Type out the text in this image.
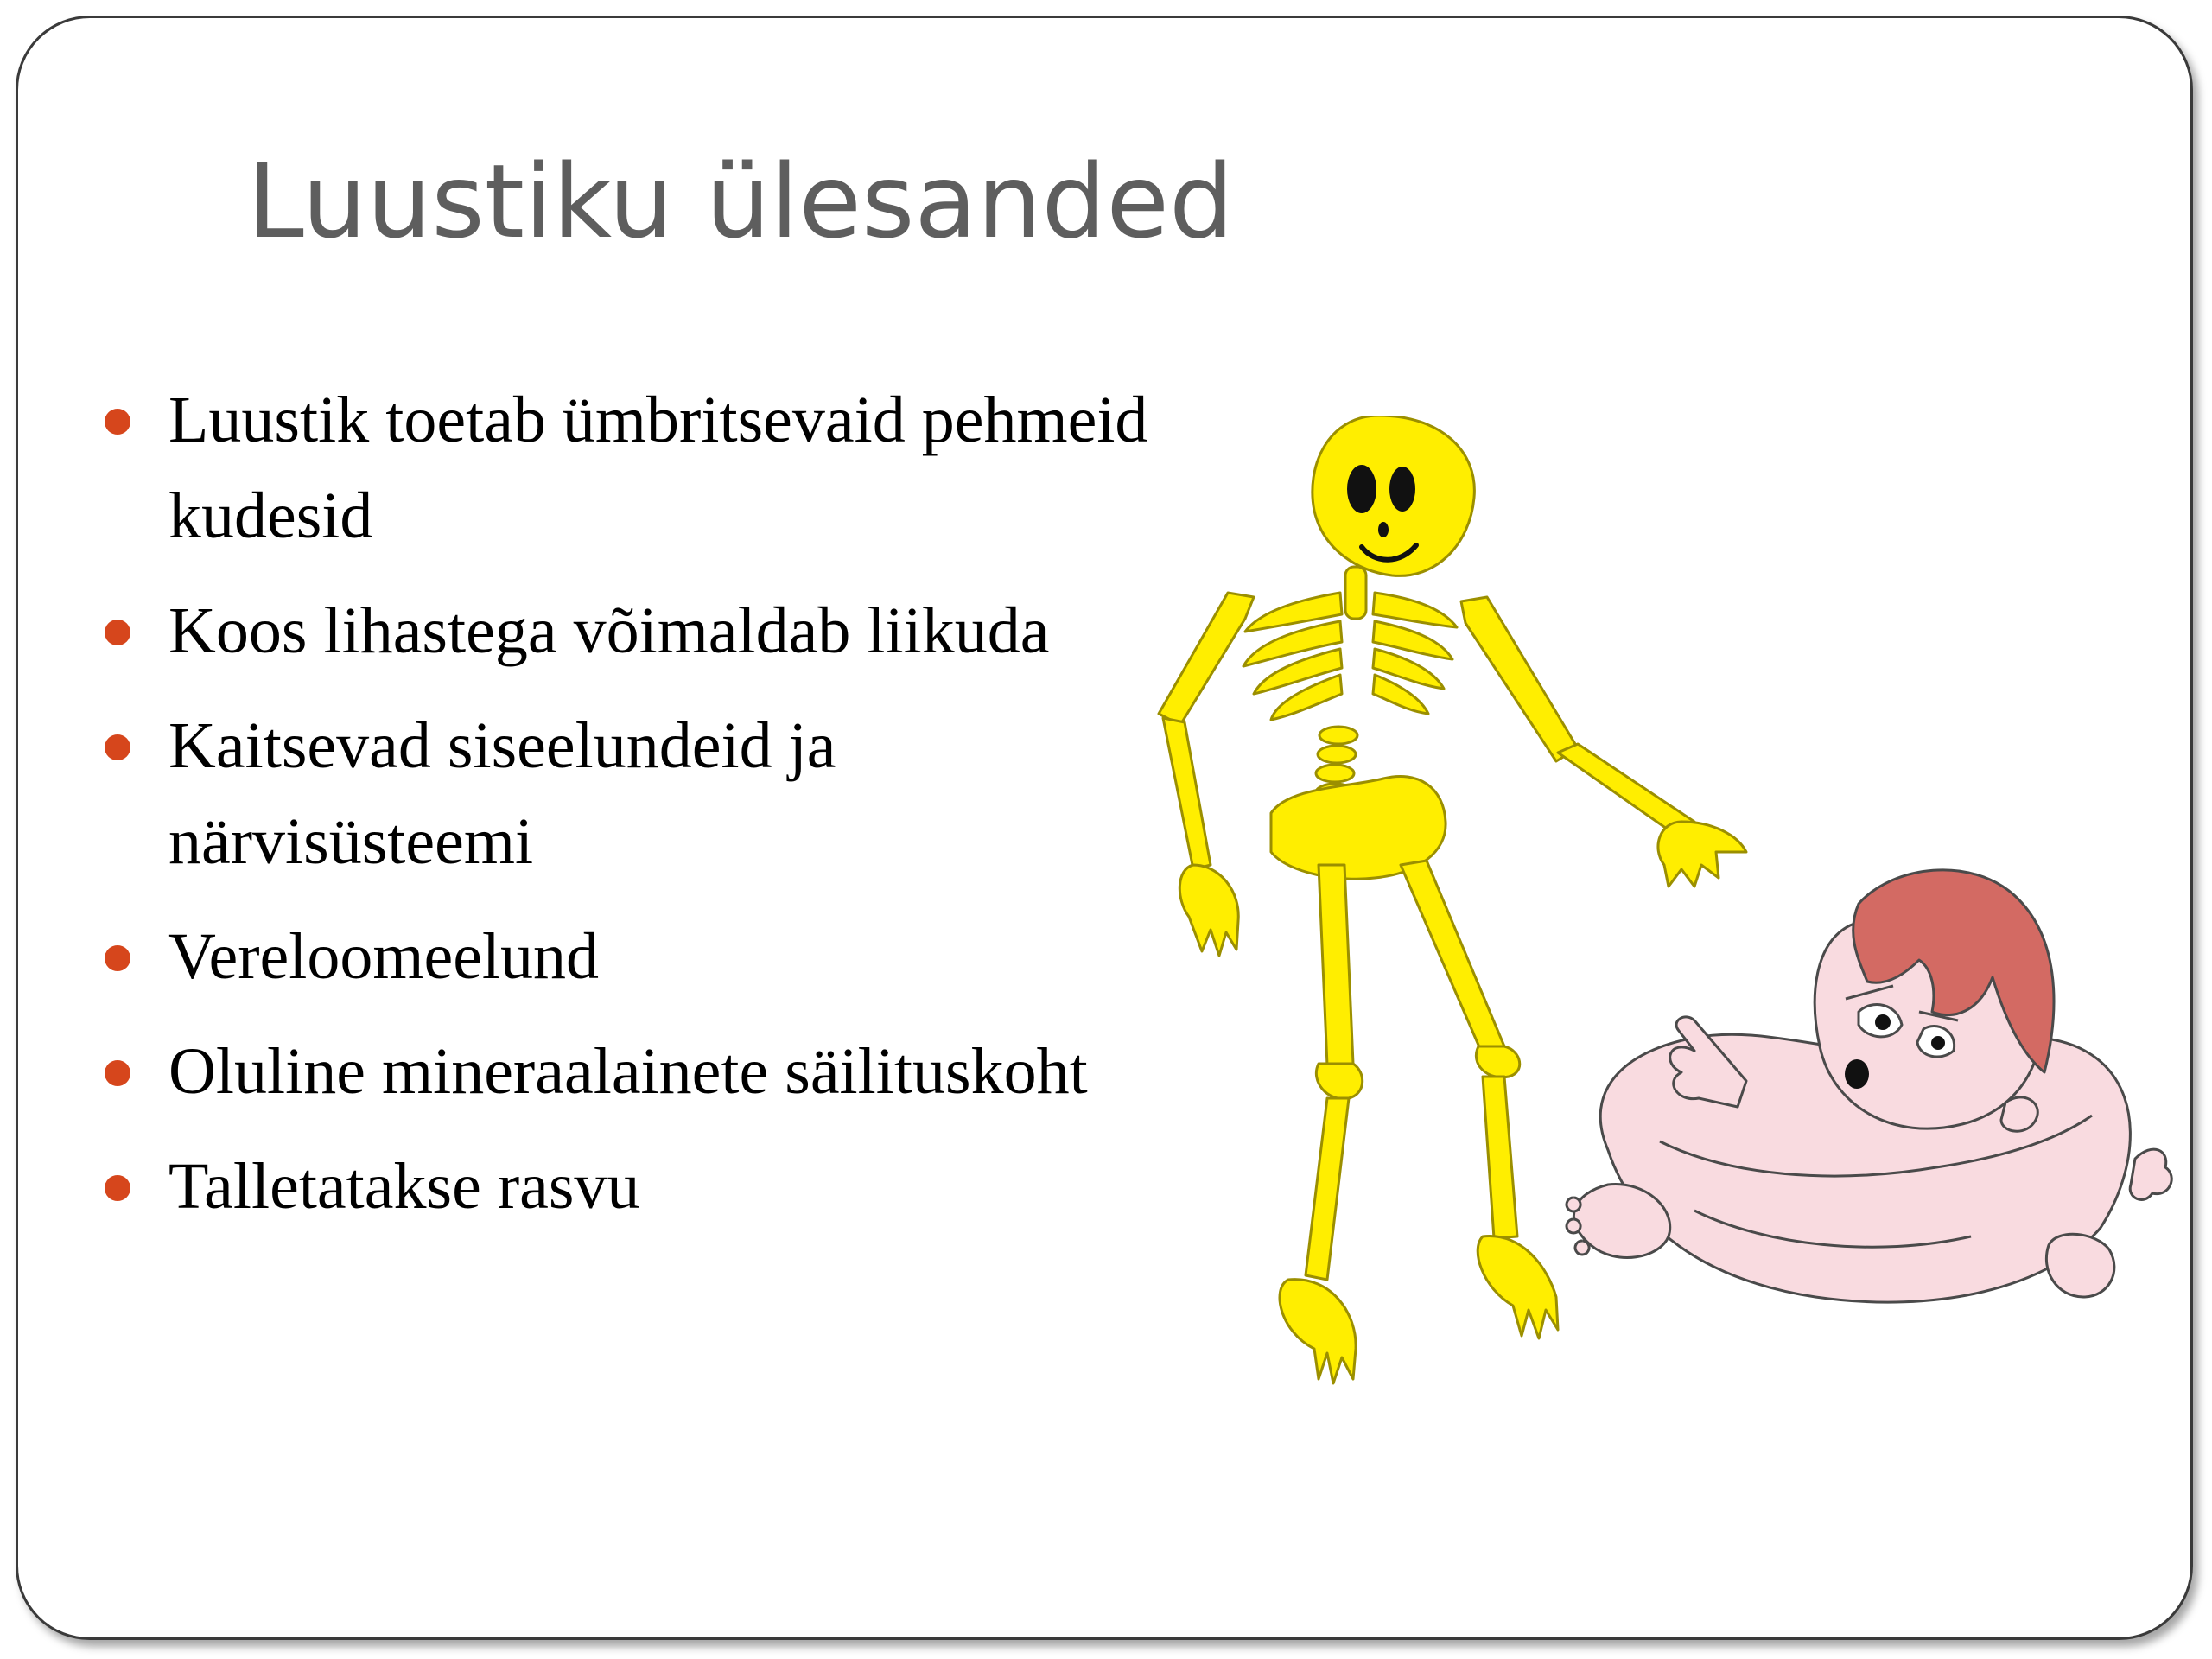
Luustiku ülesanded
Luustik toetab ümbritsevaid pehmeid kudesid
Koos lihastega võimaldab liikuda
Kaitsevad siseelundeid ja närvisüsteemi
Vereloomeelund
Oluline mineraalainete säilituskoht
Talletatakse rasvu
